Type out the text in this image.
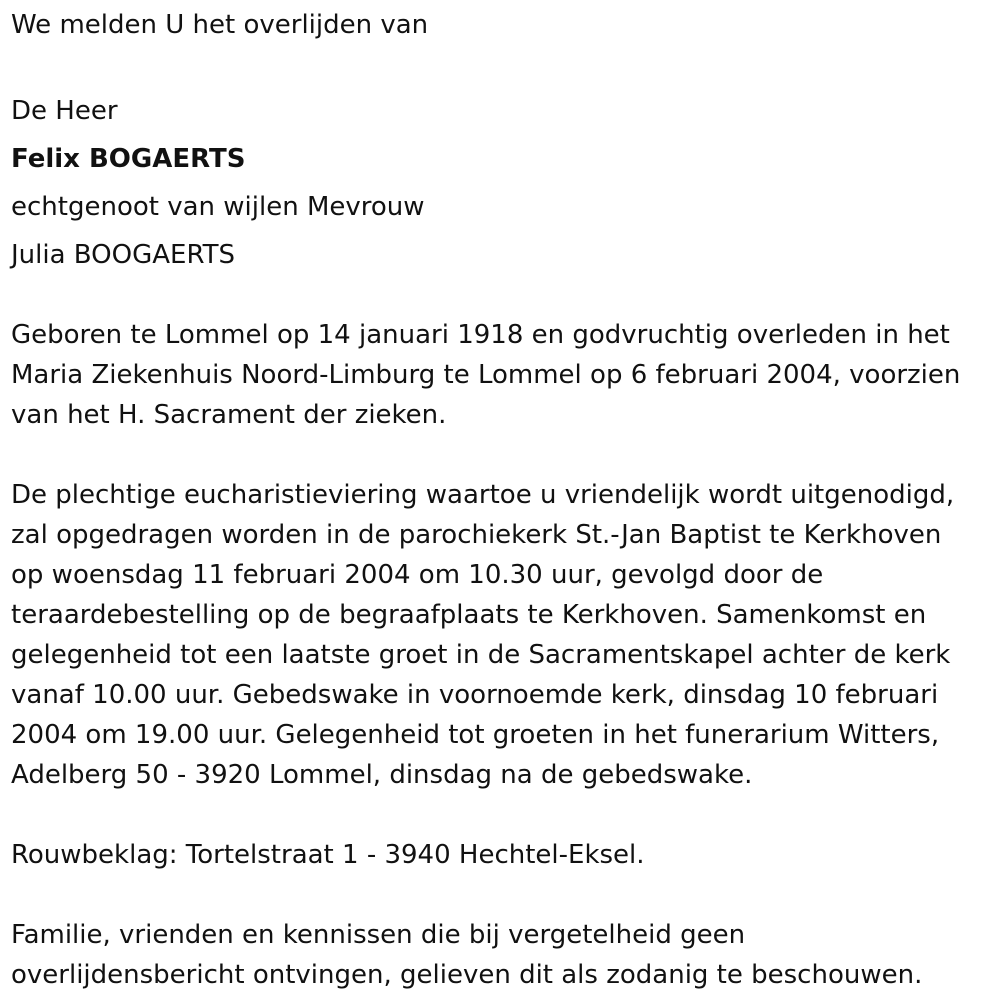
We melden U het overlijden van
De Heer
Felix BOGAERTS
echtgenoot van wijlen Mevrouw
Julia BOOGAERTS
Geboren te Lommel op 14 januari 1918 en godvruchtig overleden in het
Maria Ziekenhuis Noord-Limburg te Lommel op 6 februari 2004, voorzien
van het H. Sacrament der zieken.
De plechtige eucharistieviering waartoe u vriendelijk wordt uitgenodigd,
zal opgedragen worden in de parochiekerk St.-Jan Baptist te Kerkhoven
op woensdag 11 februari 2004 om 10.30 uur, gevolgd door de
teraardebestelling op de begraafplaats te Kerkhoven. Samenkomst en
gelegenheid tot een laatste groet in de Sacramentskapel achter de kerk
vanaf 10.00 uur. Gebedswake in voornoemde kerk, dinsdag 10 februari
2004 om 19.00 uur. Gelegenheid tot groeten in het funerarium Witters,
Adelberg 50 - 3920 Lommel, dinsdag na de gebedswake.
Rouwbeklag: Tortelstraat 1 - 3940 Hechtel-Eksel.
Familie, vrienden en kennissen die bij vergetelheid geen
overlijdensbericht ontvingen, gelieven dit als zodanig te beschouwen.
